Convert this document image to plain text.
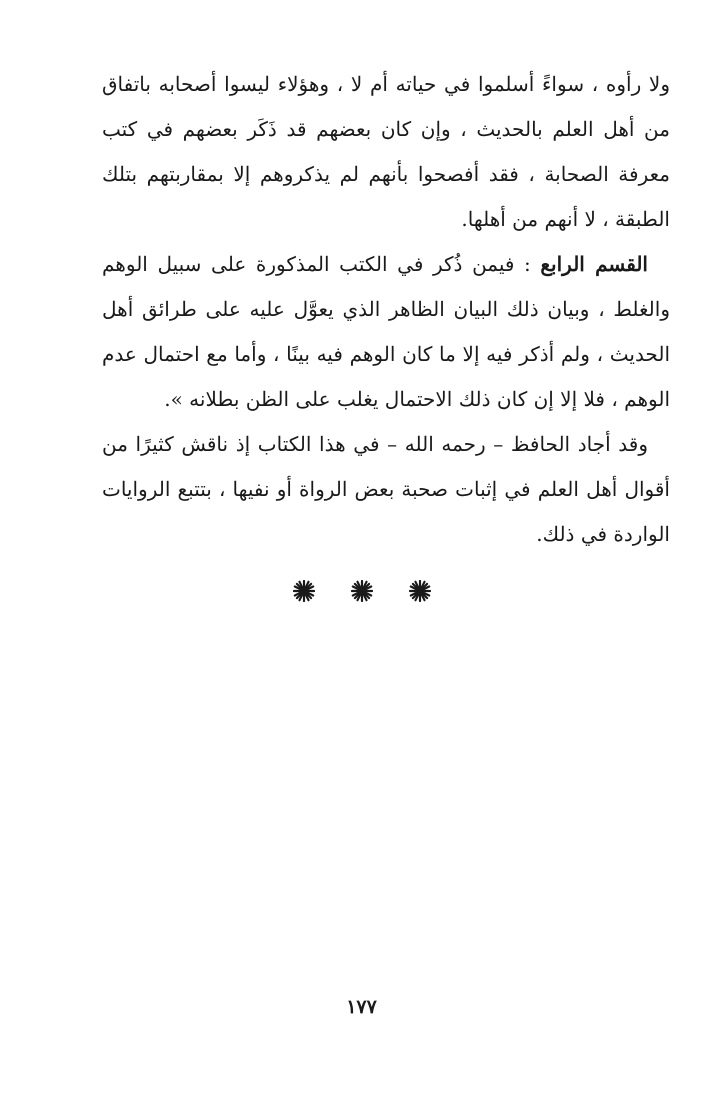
ولا رأوه ، سواءً أسلموا في حياته أم لا ، وهؤلاء ليسوا أصحابه باتفاق من أهل العلم بالحديث ، وإن كان بعضهم قد ذَكَر بعضهم في كتب معرفة الصحابة ، فقد أفصحوا بأنهم لم يذكروهم إلا بمقاربتهم بتلك الطبقة ، لا أنهم من أهلها.

القسم الرابع : فيمن ذُكر في الكتب المذكورة على سبيل الوهم والغلط ، وبيان ذلك البيان الظاهر الذي يعوَّل عليه على طرائق أهل الحديث ، ولم أذكر فيه إلا ما كان الوهم فيه بينًا ، وأما مع احتمال عدم الوهم ، فلا إلا إن كان ذلك الاحتمال يغلب على الظن بطلانه ».

وقد أجاد الحافظ – رحمه الله – في هذا الكتاب إذ ناقش كثيرًا من أقوال أهل العلم في إثبات صحبة بعض الرواة أو نفيها ، بتتبع الروايات الواردة في ذلك.

١٧٧
